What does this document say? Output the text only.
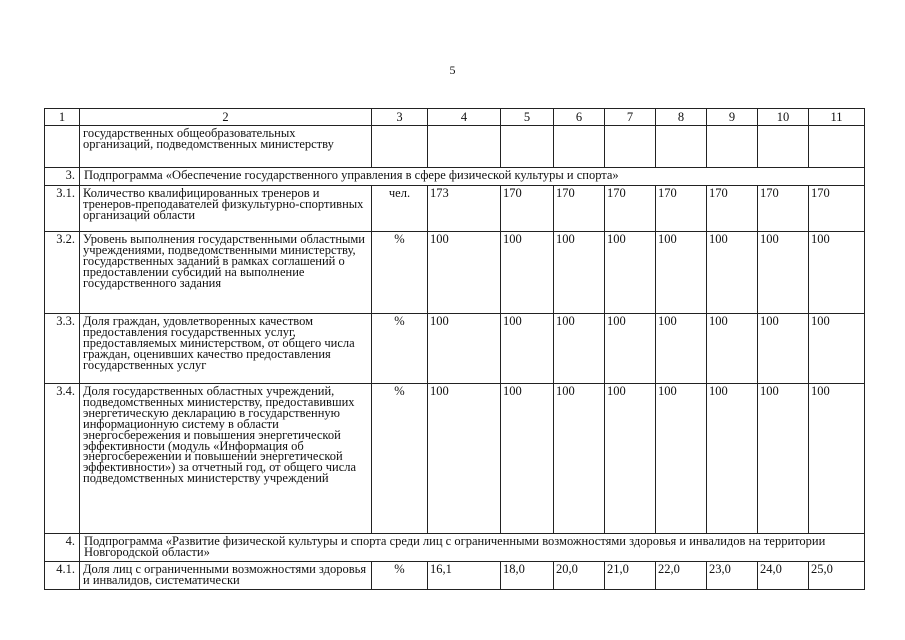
5
1	2	3	4	5	6	7	8	9	10	11
	государственных общеобразовательных организаций, подведомственных министерству									
3.	Подпрограмма «Обеспечение государственного управления в сфере физической культуры и спорта»									
3.1.	Количество квалифицированных тренеров и тренеров-преподавателей физкультурно-спортивных организаций области	чел.	173	170	170	170	170	170	170	170
3.2.	Уровень выполнения государственными областными учреждениями, подведомственными министерству, государственных заданий в рамках соглашений о предоставлении субсидий на выполнение государственного задания	%	100	100	100	100	100	100	100	100
3.3.	Доля граждан, удовлетворенных качеством предоставления государственных услуг, предоставляемых министерством, от общего числа граждан, оценивших качество предоставления государственных услуг	%	100	100	100	100	100	100	100	100
3.4.	Доля государственных областных учреждений, подведомственных министерству, предоставивших энергетическую декларацию в государственную информационную систему в области энергосбережения и повышения энергетической эффективности (модуль «Информация об энергосбережении и повышении энергетической эффективности») за отчетный год, от общего числа подведомственных министерству учреждений	%	100	100	100	100	100	100	100	100
4.	Подпрограмма «Развитие физической культуры и спорта среди лиц с ограниченными возможностями здоровья и инвалидов на территории Новгородской области»									
4.1.	Доля лиц с ограниченными возможностями здоровья и инвалидов, систематически	%	16,1	18,0	20,0	21,0	22,0	23,0	24,0	25,0
